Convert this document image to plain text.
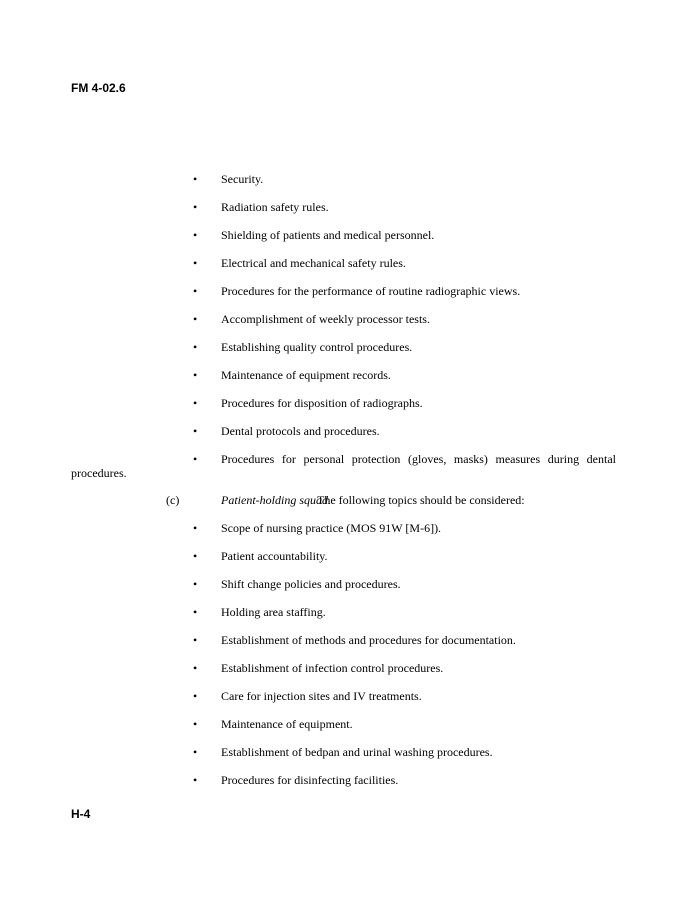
FM 4-02.6
• Security.
• Radiation safety rules.
• Shielding of patients and medical personnel.
• Electrical and mechanical safety rules.
• Procedures for the performance of routine radiographic views.
• Accomplishment of weekly processor tests.
• Establishing quality control procedures.
• Maintenance of equipment records.
• Procedures for disposition of radiographs.
• Dental protocols and procedures.
• Procedures for personal protection (gloves, masks) measures during dental
procedures.
(c)	Patient-holding squad.
The following topics should be considered:
• Scope of nursing practice (MOS 91W [M-6]).
• Patient accountability.
• Shift change policies and procedures.
• Holding area staffing.
• Establishment of methods and procedures for documentation.
• Establishment of infection control procedures.
• Care for injection sites and IV treatments.
• Maintenance of equipment.
• Establishment of bedpan and urinal washing procedures.
• Procedures for disinfecting facilities.
H-4
